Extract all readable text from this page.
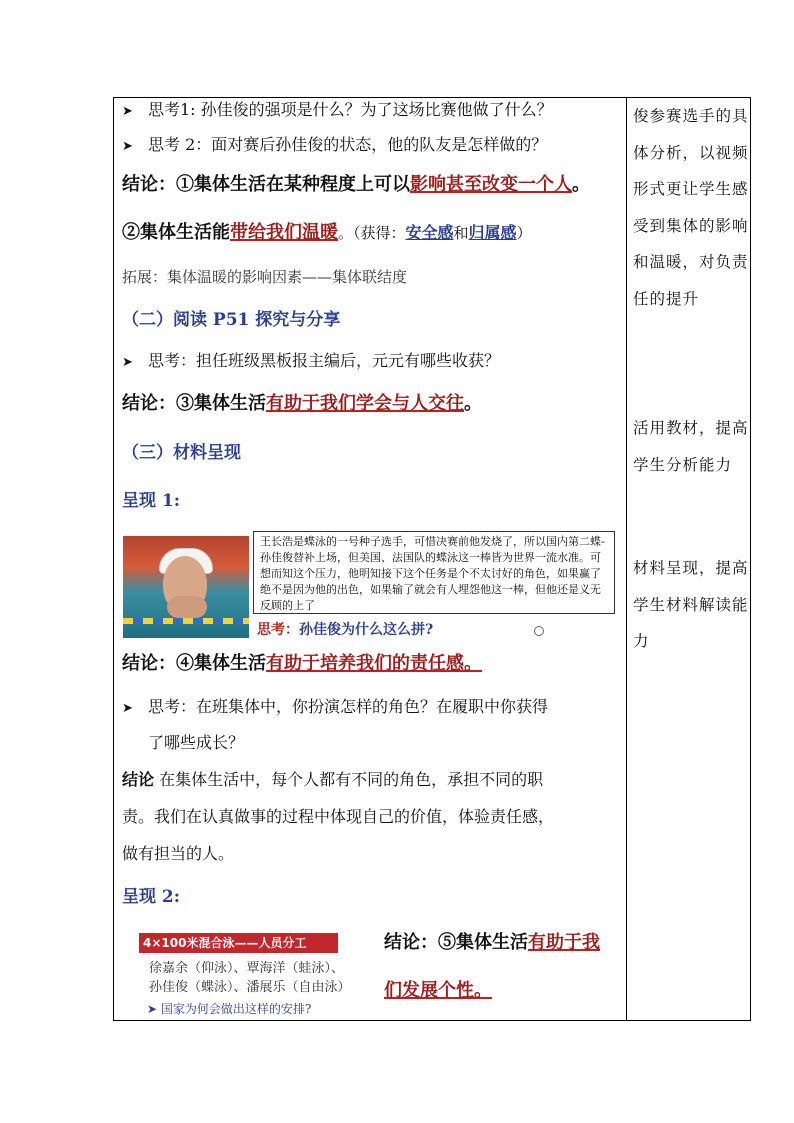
➤ 思考1: 孙佳俊的强项是什么？为了这场比赛他做了什么？
➤ 思考 2：面对赛后孙佳俊的状态，他的队友是怎样做的？
结论：①集体生活在某种程度上可以影响甚至改变一个人。
②集体生活能带给我们温暖。（获得：安全感和归属感）
拓展：集体温暖的影响因素——集体联结度
（二）阅读 P51 探究与分享
➤ 思考：担任班级黑板报主编后，元元有哪些收获？
结论：③集体生活有助于我们学会与人交往。
（三）材料呈现
呈现 1:
王长浩是蝶泳的一号种子选手，可惜决赛前他发烧了，所以国内第二蝶-孙佳俊替补上场，但美国、法国队的蝶泳这一棒皆为世界一流水准。可想而知这个压力，他明知接下这个任务是个不太讨好的角色，如果赢了绝不是因为他的出色，如果输了就会有人埋怨他这一棒，但他还是义无反顾的上了
思考：孙佳俊为什么这么拼?
结论：④集体生活有助于培养我们的责任感。
➤ 思考：在班集体中，你扮演怎样的角色？在履职中你获得
了哪些成长？
结论 在集体生活中，每个人都有不同的角色，承担不同的职
责。我们在认真做事的过程中体现自己的价值，体验责任感，
做有担当的人。
呈现 2:
4×100米混合泳——人员分工
徐嘉余（仰泳）、覃海洋（蛙泳）、
孙佳俊（蝶泳）、潘展乐（自由泳）
➤ 国家为何会做出这样的安排?
结论：⑤集体生活有助于我
们发展个性。

俊参赛选手的具体分析，以视频形式更让学生感受到集体的影响和温暖，对负责任的提升

活用教材，提高学生分析能力

材料呈现，提高学生材料解读能力
